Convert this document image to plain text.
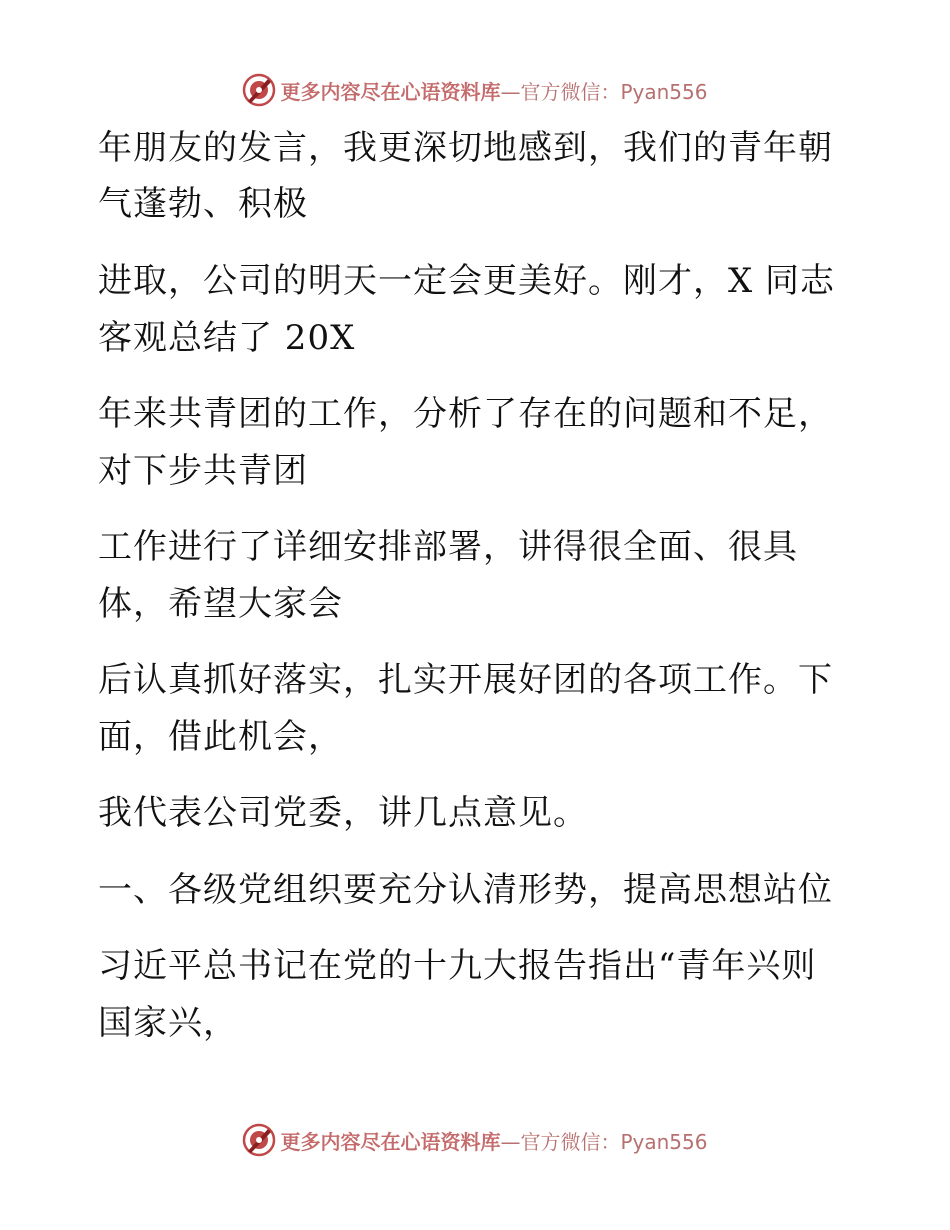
更多内容尽在心语资料库—官方微信：Pyan556
年朋友的发言，我更深切地感到，我们的青年朝
气蓬勃、积极
进取，公司的明天一定会更美好。刚才，X 同志
客观总结了 20X
年来共青团的工作，分析了存在的问题和不足，
对下步共青团
工作进行了详细安排部署，讲得很全面、很具
体，希望大家会
后认真抓好落实，扎实开展好团的各项工作。下
面，借此机会，
我代表公司党委，讲几点意见。
一、各级党组织要充分认清形势，提高思想站位
习近平总书记在党的十九大报告指出“青年兴则
国家兴，
更多内容尽在心语资料库—官方微信：Pyan556
